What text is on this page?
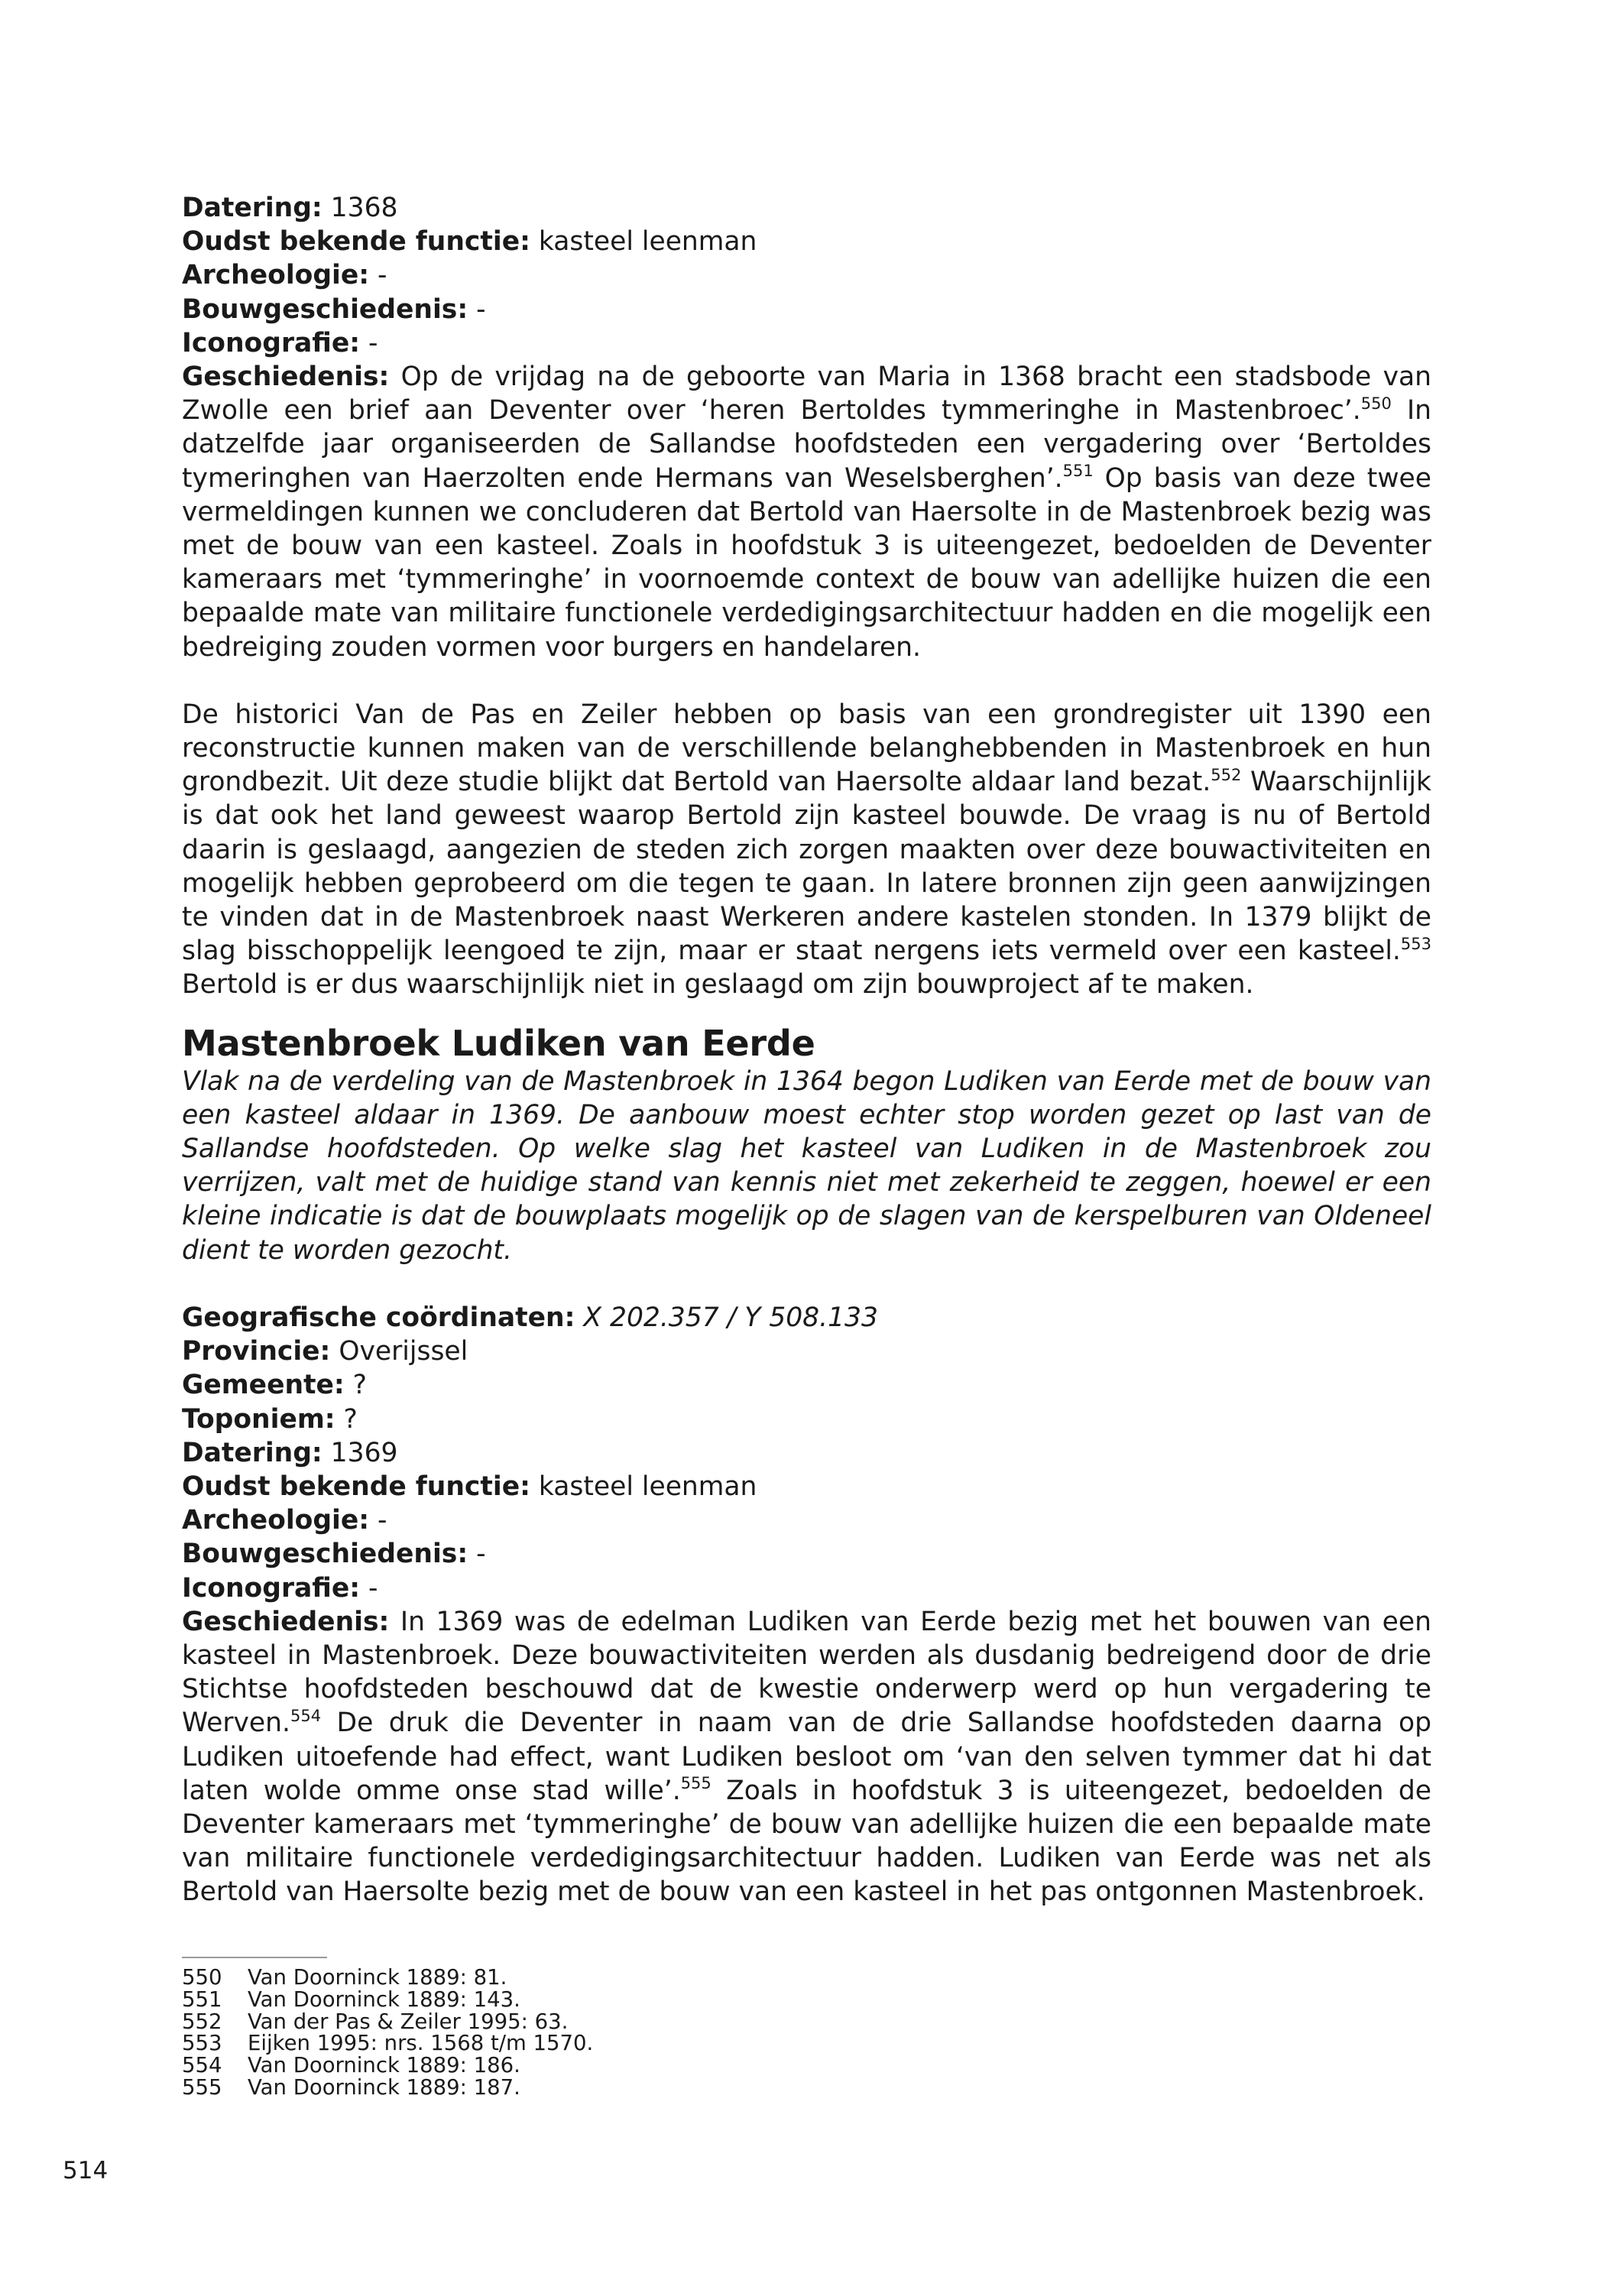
Datering: 1368

Oudst bekende functie: kasteel leenman

Archeologie: -

Bouwgeschiedenis: -

Iconografie: -

Geschiedenis: Op de vrijdag na de geboorte van Maria in 1368 bracht een stadsbode van Zwolle een brief aan Deventer over ‘heren Bertoldes tymmeringhe in Mastenbroec’.$^{550}$ In datzelfde jaar organiseerden de Sallandse hoofdsteden een vergadering over ‘Bertoldes tymeringhen van Haerzolten ende Hermans van Weselsberghen’.$^{551}$ Op basis van deze twee vermeldingen kunnen we concluderen dat Bertold van Haersolte in de Mastenbroek bezig was met de bouw van een kasteel. Zoals in hoofdstuk 3 is uiteengezet, bedoelden de Deventer kameraars met ‘tymmeringhe’ in voornoemde context de bouw van adellijke huizen die een bepaalde mate van militaire functionele verdedigingsarchitectuur hadden en die mogelijk een bedreiging zouden vormen voor burgers en handelaren.

De historici Van de Pas en Zeiler hebben op basis van een grondregister uit 1390 een reconstructie kunnen maken van de verschillende belanghebbenden in Mastenbroek en hun grondbezit. Uit deze studie blijkt dat Bertold van Haersolte aldaar land bezat.$^{552}$ Waarschijnlijk is dat ook het land geweest waarop Bertold zijn kasteel bouwde. De vraag is nu of Bertold daarin is geslaagd, aangezien de steden zich zorgen maakten over deze bouwactiviteiten en mogelijk hebben geprobeerd om die tegen te gaan. In latere bronnen zijn geen aanwijzingen te vinden dat in de Mastenbroek naast Werkeren andere kastelen stonden. In 1379 blijkt de slag bisschoppelijk leengoed te zijn, maar er staat nergens iets vermeld over een kasteel.$^{553}$ Bertold is er dus waarschijnlijk niet in geslaagd om zijn bouwproject af te maken.

Mastenbroek Ludiken van Eerde

Vlak na de verdeling van de Mastenbroek in 1364 begon Ludiken van Eerde met de bouw van een kasteel aldaar in 1369. De aanbouw moest echter stop worden gezet op last van de Sallandse hoofdsteden. Op welke slag het kasteel van Ludiken in de Mastenbroek zou verrijzen, valt met de huidige stand van kennis niet met zekerheid te zeggen, hoewel er een kleine indicatie is dat de bouwplaats mogelijk op de slagen van de kerspelburen van Oldeneel dient te worden gezocht.

Geografische coördinaten: X 202.357 / Y 508.133

Provincie: Overijssel

Gemeente: ?

Toponiem: ?

Datering: 1369

Oudst bekende functie: kasteel leenman

Archeologie: -

Bouwgeschiedenis: -

Iconografie: -

Geschiedenis: In 1369 was de edelman Ludiken van Eerde bezig met het bouwen van een kasteel in Mastenbroek. Deze bouwactiviteiten werden als dusdanig bedreigend door de drie Stichtse hoofdsteden beschouwd dat de kwestie onderwerp werd op hun vergadering te Werven.$^{554}$ De druk die Deventer in naam van de drie Sallandse hoofdsteden daarna op Ludiken uitoefende had effect, want Ludiken besloot om ‘van den selven tymmer dat hi dat laten wolde omme onse stad wille’.$^{555}$ Zoals in hoofdstuk 3 is uiteengezet, bedoelden de Deventer kameraars met ‘tymmeringhe’ de bouw van adellijke huizen die een bepaalde mate van militaire functionele verdedigingsarchitectuur hadden. Ludiken van Eerde was net als Bertold van Haersolte bezig met de bouw van een kasteel in het pas ontgonnen Mastenbroek.

550	Van Doorninck 1889: 81.
551	Van Doorninck 1889: 143.
552	Van der Pas & Zeiler 1995: 63.
553	Eijken 1995: nrs. 1568 t/m 1570.
554	Van Doorninck 1889: 186.
555	Van Doorninck 1889: 187.
514
